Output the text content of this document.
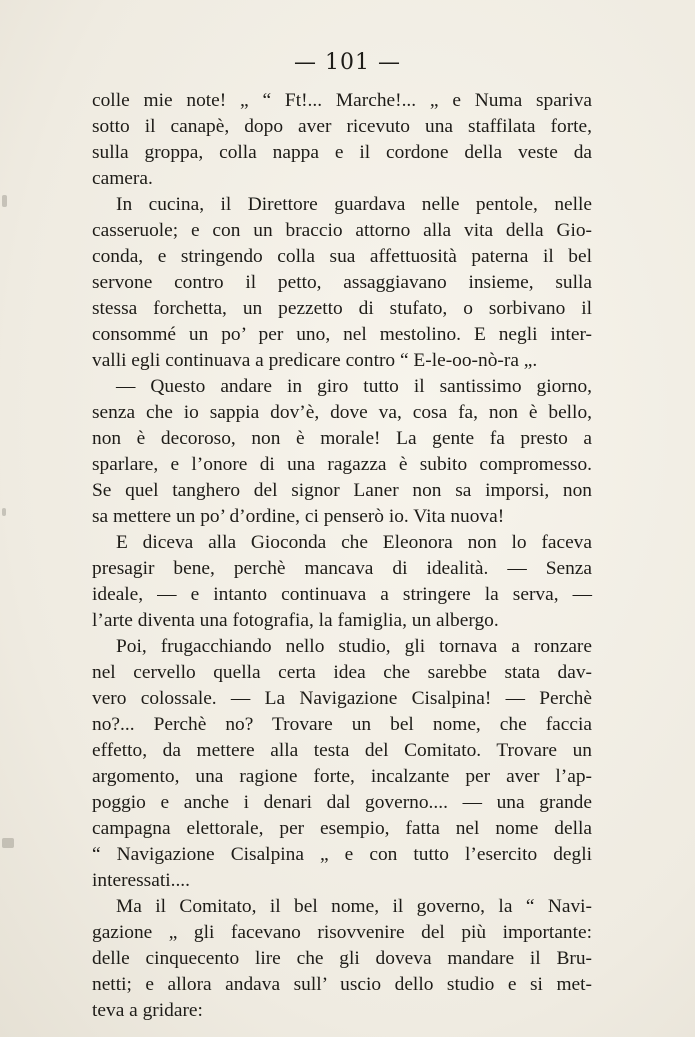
— 101 —
colle mie note! „ “ Ft!... Marche!... „ e Numa spariva
sotto il canapè, dopo aver ricevuto una staffilata forte,
sulla groppa, colla nappa e il cordone della veste da
camera.
In cucina, il Direttore guardava nelle pentole, nelle
casseruole; e con un braccio attorno alla vita della Gio-
conda, e stringendo colla sua affettuosità paterna il bel
servone contro il petto, assaggiavano insieme, sulla
stessa forchetta, un pezzetto di stufato, o sorbivano il
consommé un po’ per uno, nel mestolino. E negli inter-
valli egli continuava a predicare contro “ E-le-oo-nò-ra „.
— Questo andare in giro tutto il santissimo giorno,
senza che io sappia dov’è, dove va, cosa fa, non è bello,
non è decoroso, non è morale! La gente fa presto a
sparlare, e l’onore di una ragazza è subito compromesso.
Se quel tanghero del signor Laner non sa imporsi, non
sa mettere un po’ d’ordine, ci penserò io. Vita nuova!
E diceva alla Gioconda che Eleonora non lo faceva
presagir bene, perchè mancava di idealità. — Senza
ideale, — e intanto continuava a stringere la serva, —
l’arte diventa una fotografia, la famiglia, un albergo.
Poi, frugacchiando nello studio, gli tornava a ronzare
nel cervello quella certa idea che sarebbe stata dav-
vero colossale. — La Navigazione Cisalpina! — Perchè
no?... Perchè no? Trovare un bel nome, che faccia
effetto, da mettere alla testa del Comitato. Trovare un
argomento, una ragione forte, incalzante per aver l’ap-
poggio e anche i denari dal governo.... — una grande
campagna elettorale, per esempio, fatta nel nome della
“ Navigazione Cisalpina „ e con tutto l’esercito degli
interessati....
Ma il Comitato, il bel nome, il governo, la “ Navi-
gazione „ gli facevano risovvenire del più importante:
delle cinquecento lire che gli doveva mandare il Bru-
netti; e allora andava sull’ uscio dello studio e si met-
teva a gridare:
